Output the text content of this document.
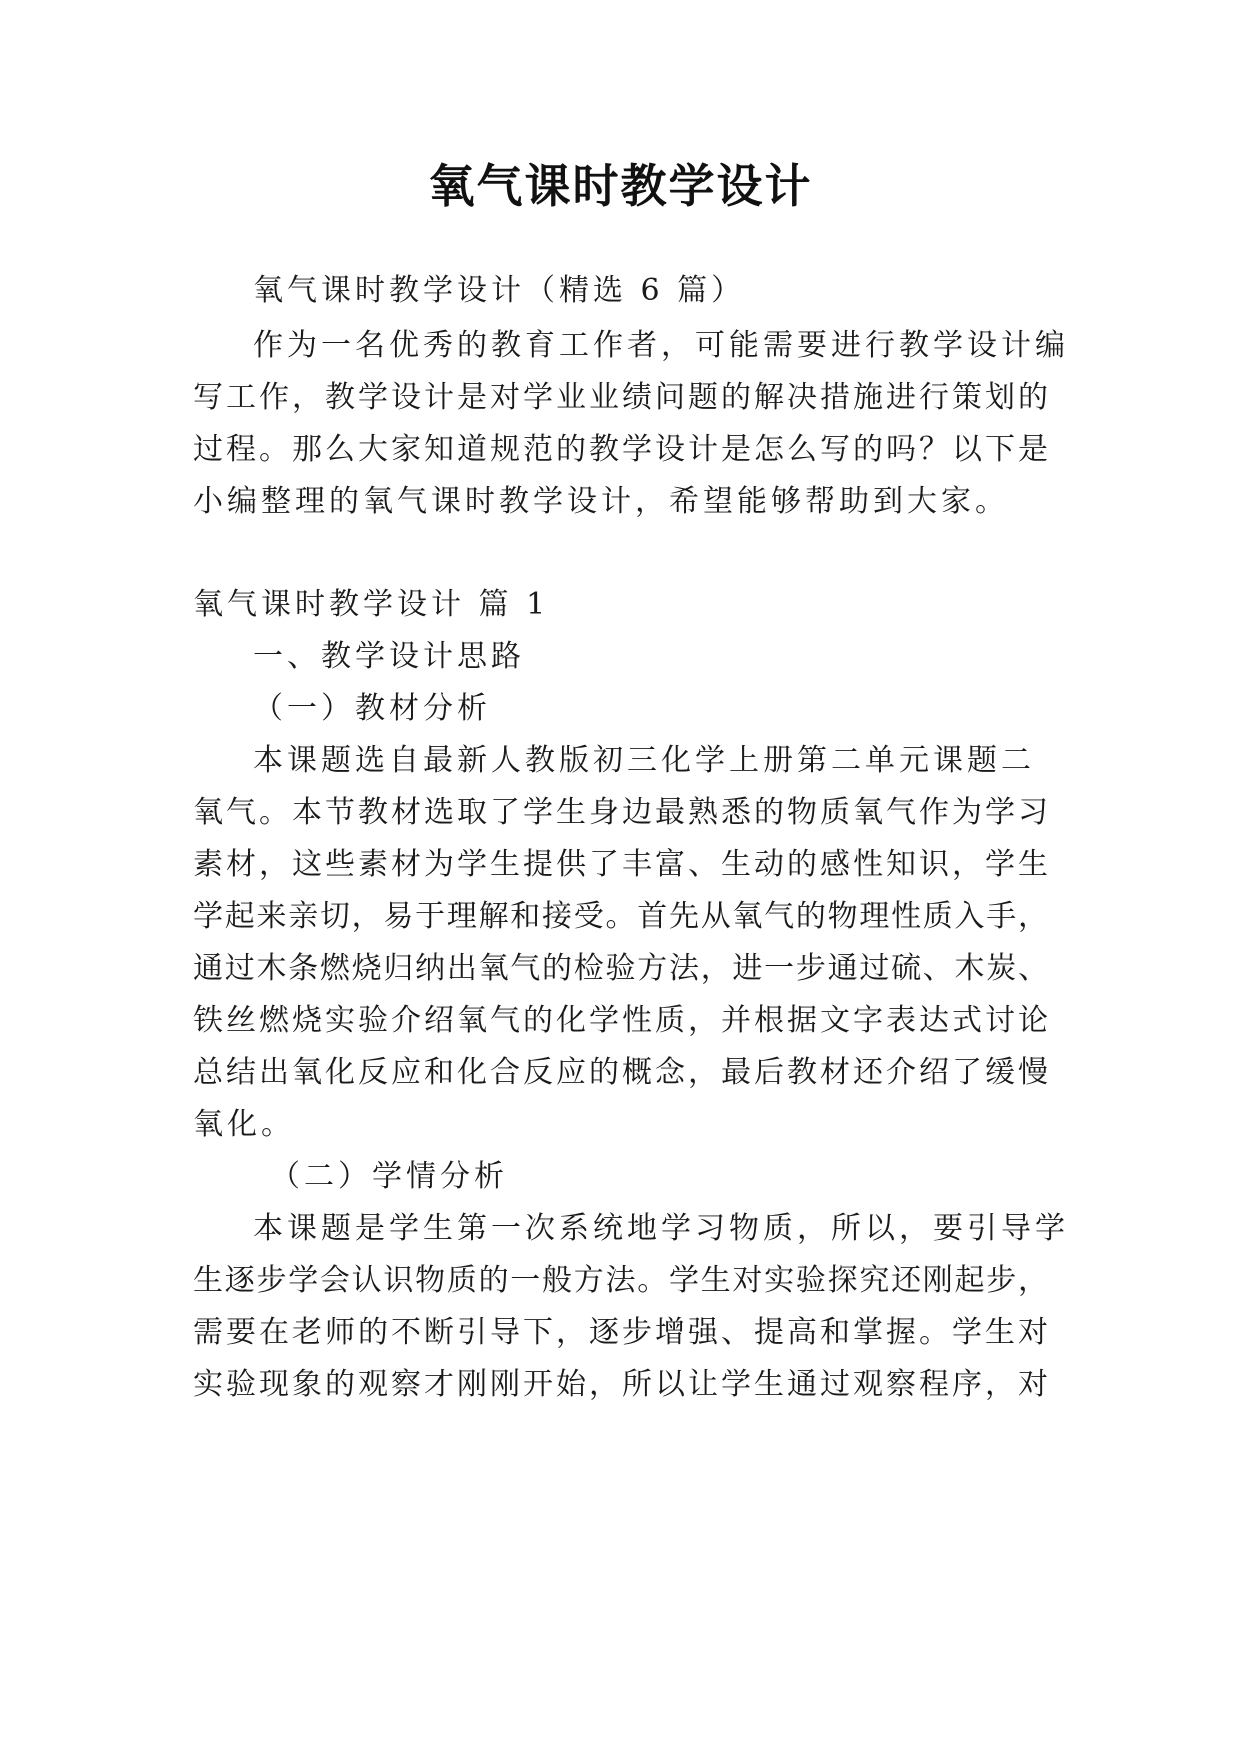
氧气课时教学设计
氧气课时教学设计（精选 6 篇）
作为一名优秀的教育工作者，可能需要进行教学设计编
写工作，教学设计是对学业业绩问题的解决措施进行策划的
过程。那么大家知道规范的教学设计是怎么写的吗？以下是
小编整理的氧气课时教学设计，希望能够帮助到大家。
氧气课时教学设计 篇 1
一、教学设计思路
（一）教材分析
本课题选自最新人教版初三化学上册第二单元课题二
氧气。本节教材选取了学生身边最熟悉的物质氧气作为学习
素材，这些素材为学生提供了丰富、生动的感性知识，学生
学起来亲切，易于理解和接受。首先从氧气的物理性质入手，
通过木条燃烧归纳出氧气的检验方法，进一步通过硫、木炭、
铁丝燃烧实验介绍氧气的化学性质，并根据文字表达式讨论
总结出氧化反应和化合反应的概念，最后教材还介绍了缓慢
氧化。
（二）学情分析
本课题是学生第一次系统地学习物质，所以，要引导学
生逐步学会认识物质的一般方法。学生对实验探究还刚起步，
需要在老师的不断引导下，逐步增强、提高和掌握。学生对
实验现象的观察才刚刚开始，所以让学生通过观察程序，对
